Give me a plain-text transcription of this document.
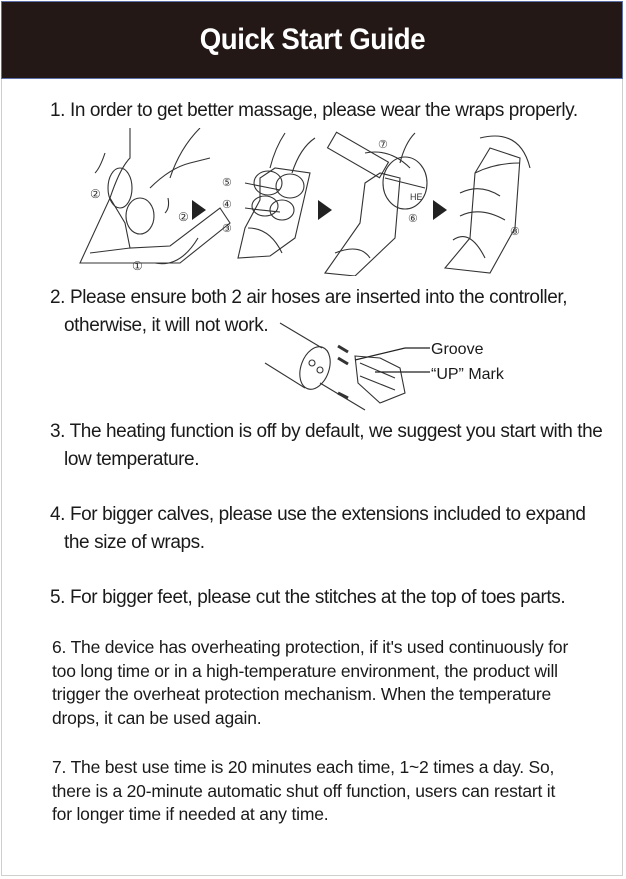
Quick Start Guide
1. In order to get better massage, please wear the wraps properly.
②
②
①
⑤
④
③
⑦
HE
⑥
⑧
2. Please ensure both 2 air hoses are inserted into the controller,
otherwise, it will not work.
Groove
“UP” Mark
3. The heating function is off by default, we suggest you start with the
low temperature.
4. For bigger calves, please use the extensions included to expand
the size of wraps.
5. For bigger feet, please cut the stitches at the top of toes parts.
6. The device has overheating protection, if it's used continuously for
too long time or in a high-temperature environment, the product will
trigger the overheat protection mechanism. When the temperature
drops, it can be used again.
7. The best use time is 20 minutes each time, 1~2 times a day. So,
there is a 20-minute automatic shut off function, users can restart it
for longer time if needed at any time.
